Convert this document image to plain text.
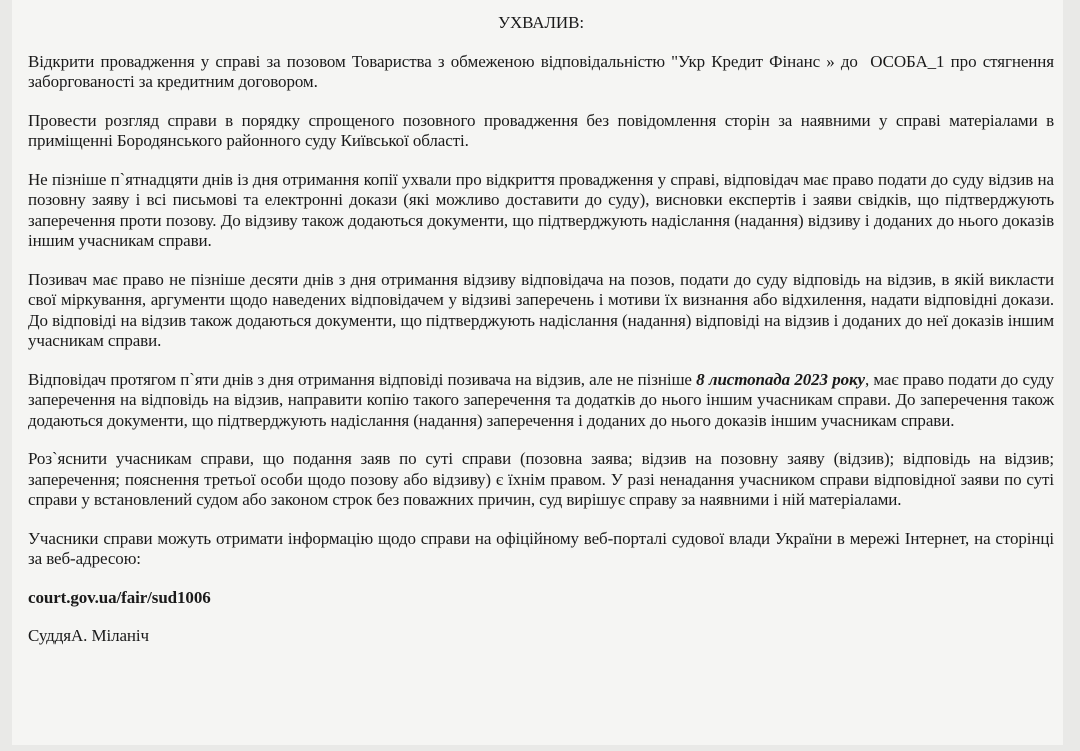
УХВАЛИВ:

Відкрити провадження у справі за позовом Товариства з обмеженою відповідальністю "Укр Кредит Фінанс » до  ОСОБА_1 про стягнення заборгованості за кредитним договором.

Провести розгляд справи в порядку спрощеного позовного провадження без повідомлення сторін за наявними у справі матеріалами в приміщенні Бородянського районного суду Київської області.

Не пізніше п`ятнадцяти днів із дня отримання копії ухвали про відкриття провадження у справі, відповідач має право подати до суду відзив на позовну заяву і всі письмові та електронні докази (які можливо доставити до суду), висновки експертів і заяви свідків, що підтверджують заперечення проти позову. До відзиву також додаються документи, що підтверджують надіслання (надання) відзиву і доданих до нього доказів іншим учасникам справи.

Позивач має право не пізніше десяти днів з дня отримання відзиву відповідача на позов, подати до суду відповідь на відзив, в якій викласти свої міркування, аргументи щодо наведених відповідачем у відзиві заперечень і мотиви їх визнання або відхилення, надати відповідні докази. До відповіді на відзив також додаються документи, що підтверджують надіслання (надання) відповіді на відзив і доданих до неї доказів іншим учасникам справи.

Відповідач протягом п`яти днів з дня отримання відповіді позивача на відзив, але не пізніше 8 листопада 2023 року, має право подати до суду заперечення на відповідь на відзив, направити копію такого заперечення та додатків до нього іншим учасникам справи. До заперечення також додаються документи, що підтверджують надіслання (надання) заперечення і доданих до нього доказів іншим учасникам справи.

Роз`яснити учасникам справи, що подання заяв по суті справи (позовна заява; відзив на позовну заяву (відзив); відповідь на відзив; заперечення; пояснення третьої особи щодо позову або відзиву) є їхнім правом. У разі ненадання учасником справи відповідної заяви по суті справи у встановлений судом або законом строк без поважних причин, суд вирішує справу за наявними і ній матеріалами.

Учасники справи можуть отримати інформацію щодо справи на офіційному веб-порталі судової влади України в мережі Інтернет, на сторінці за веб-адресою:

court.gov.ua/fair/sud1006

СуддяА. Міланіч
